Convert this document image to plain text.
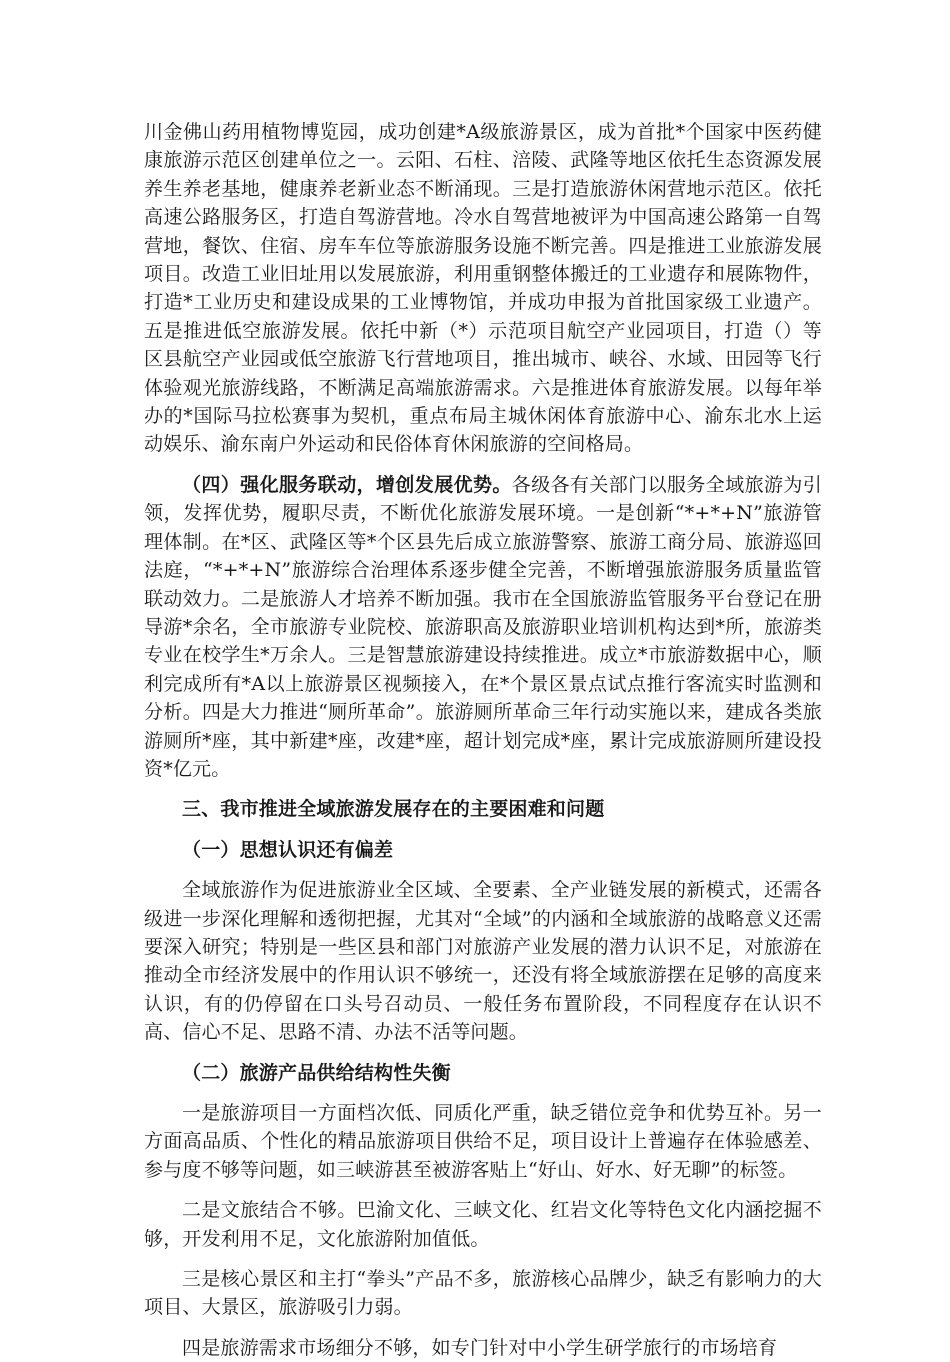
川金佛山药用植物博览园，成功创建*A级旅游景区，成为首批*个国家中医药健康旅游示范区创建单位之一。云阳、石柱、涪陵、武隆等地区依托生态资源发展养生养老基地，健康养老新业态不断涌现。三是打造旅游休闲营地示范区。依托高速公路服务区，打造自驾游营地。冷水自驾营地被评为中国高速公路第一自驾营地，餐饮、住宿、房车车位等旅游服务设施不断完善。四是推进工业旅游发展项目。改造工业旧址用以发展旅游，利用重钢整体搬迁的工业遗存和展陈物件，打造*工业历史和建设成果的工业博物馆，并成功申报为首批国家级工业遗产。五是推进低空旅游发展。依托中新（*）示范项目航空产业园项目，打造（）等区县航空产业园或低空旅游飞行营地项目，推出城市、峡谷、水域、田园等飞行体验观光旅游线路，不断满足高端旅游需求。六是推进体育旅游发展。以每年举办的*国际马拉松赛事为契机，重点布局主城休闲体育旅游中心、渝东北水上运动娱乐、渝东南户外运动和民俗体育休闲旅游的空间格局。

（四）强化服务联动，增创发展优势。各级各有关部门以服务全域旅游为引领，发挥优势，履职尽责，不断优化旅游发展环境。一是创新“*+*+N”旅游管理体制。在*区、武隆区等*个区县先后成立旅游警察、旅游工商分局、旅游巡回法庭，“*+*+N”旅游综合治理体系逐步健全完善，不断增强旅游服务质量监管联动效力。二是旅游人才培养不断加强。我市在全国旅游监管服务平台登记在册导游*余名，全市旅游专业院校、旅游职高及旅游职业培训机构达到*所，旅游类专业在校学生*万余人。三是智慧旅游建设持续推进。成立*市旅游数据中心，顺利完成所有*A以上旅游景区视频接入，在*个景区景点试点推行客流实时监测和分析。四是大力推进“厕所革命”。旅游厕所革命三年行动实施以来，建成各类旅游厕所*座，其中新建*座，改建*座，超计划完成*座，累计完成旅游厕所建设投资*亿元。

三、我市推进全域旅游发展存在的主要困难和问题

（一）思想认识还有偏差

全域旅游作为促进旅游业全区域、全要素、全产业链发展的新模式，还需各级进一步深化理解和透彻把握，尤其对“全域”的内涵和全域旅游的战略意义还需要深入研究；特别是一些区县和部门对旅游产业发展的潜力认识不足，对旅游在推动全市经济发展中的作用认识不够统一，还没有将全域旅游摆在足够的高度来认识，有的仍停留在口头号召动员、一般任务布置阶段，不同程度存在认识不高、信心不足、思路不清、办法不活等问题。

（二）旅游产品供给结构性失衡

一是旅游项目一方面档次低、同质化严重，缺乏错位竞争和优势互补。另一方面高品质、个性化的精品旅游项目供给不足，项目设计上普遍存在体验感差、参与度不够等问题，如三峡游甚至被游客贴上“好山、好水、好无聊”的标签。

二是文旅结合不够。巴渝文化、三峡文化、红岩文化等特色文化内涵挖掘不够，开发利用不足，文化旅游附加值低。

三是核心景区和主打“拳头”产品不多，旅游核心品牌少，缺乏有影响力的大项目、大景区，旅游吸引力弱。

四是旅游需求市场细分不够，如专门针对中小学生研学旅行的市场培育
